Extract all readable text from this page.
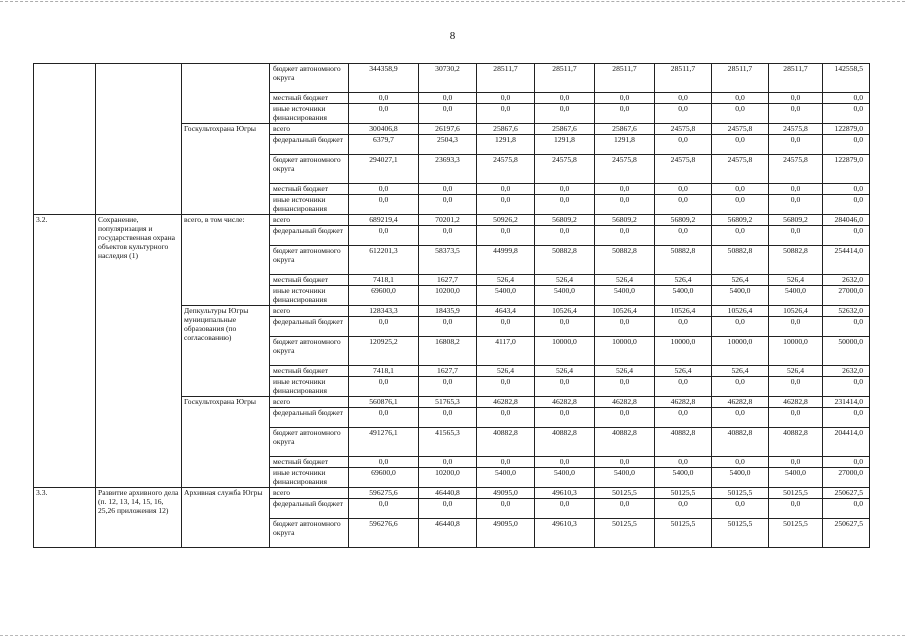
8
			бюджет автономного округа	344358,9	30730,2	28511,7	28511,7	28511,7	28511,7	28511,7	28511,7	142558,5
			местный бюджет	0,0	0,0	0,0	0,0	0,0	0,0	0,0	0,0	0,0
			иные источники финансирования	0,0	0,0	0,0	0,0	0,0	0,0	0,0	0,0	0,0
		Госкультохрана Югры	всего	300406,8	26197,6	25867,6	25867,6	25867,6	24575,8	24575,8	24575,8	122879,0
			федеральный бюджет	6379,7	2504,3	1291,8	1291,8	1291,8	0,0	0,0	0,0	0,0
			бюджет автономного округа	294027,1	23693,3	24575,8	24575,8	24575,8	24575,8	24575,8	24575,8	122879,0
			местный бюджет	0,0	0,0	0,0	0,0	0,0	0,0	0,0	0,0	0,0
			иные источники финансирования	0,0	0,0	0,0	0,0	0,0	0,0	0,0	0,0	0,0
3.2.	Сохранение, популяризация и государственная охрана объектов культурного наследия (1)	всего, в том числе:	всего	689219,4	70201,2	50926,2	56809,2	56809,2	56809,2	56809,2	56809,2	284046,0
			федеральный бюджет	0,0	0,0	0,0	0,0	0,0	0,0	0,0	0,0	0,0
			бюджет автономного округа	612201,3	58373,5	44999,8	50882,8	50882,8	50882,8	50882,8	50882,8	254414,0
			местный бюджет	7418,1	1627,7	526,4	526,4	526,4	526,4	526,4	526,4	2632,0
			иные источники финансирования	69600,0	10200,0	5400,0	5400,0	5400,0	5400,0	5400,0	5400,0	27000,0
		Депкультуры Югры муниципальные образования (по согласованию)	всего	128343,3	18435,9	4643,4	10526,4	10526,4	10526,4	10526,4	10526,4	52632,0
			федеральный бюджет	0,0	0,0	0,0	0,0	0,0	0,0	0,0	0,0	0,0
			бюджет автономного округа	120925,2	16808,2	4117,0	10000,0	10000,0	10000,0	10000,0	10000,0	50000,0
			местный бюджет	7418,1	1627,7	526,4	526,4	526,4	526,4	526,4	526,4	2632,0
			иные источники финансирования	0,0	0,0	0,0	0,0	0,0	0,0	0,0	0,0	0,0
		Госкультохрана Югры	всего	560876,1	51765,3	46282,8	46282,8	46282,8	46282,8	46282,8	46282,8	231414,0
			федеральный бюджет	0,0	0,0	0,0	0,0	0,0	0,0	0,0	0,0	0,0
			бюджет автономного округа	491276,1	41565,3	40882,8	40882,8	40882,8	40882,8	40882,8	40882,8	204414,0
			местный бюджет	0,0	0,0	0,0	0,0	0,0	0,0	0,0	0,0	0,0
			иные источники финансирования	69600,0	10200,0	5400,0	5400,0	5400,0	5400,0	5400,0	5400,0	27000,0
3.3.	Развитие архивного дела (п. 12, 13, 14, 15, 16, 25,26 приложения 12)	Архивная служба Югры	всего	596275,6	46440,8	49095,0	49610,3	50125,5	50125,5	50125,5	50125,5	250627,5
			федеральный бюджет	0,0	0,0	0,0	0,0	0,0	0,0	0,0	0,0	0,0
			бюджет автономного округа	596276,6	46440,8	49095,0	49610,3	50125,5	50125,5	50125,5	50125,5	250627,5
